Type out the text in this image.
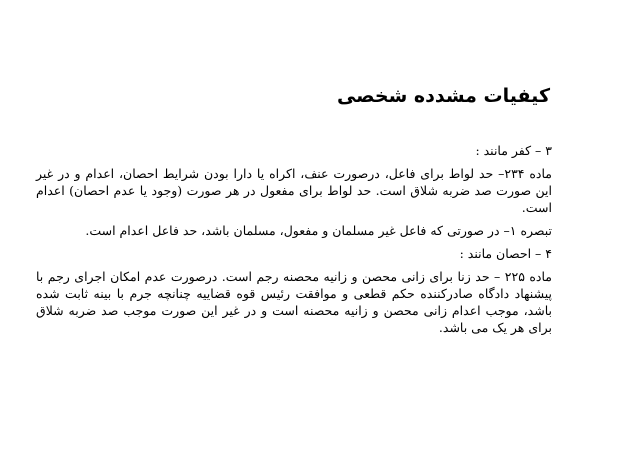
کیفیات مشدده شخصی

۳ – کفر مانند :

ماده ۲۳۴– حد لواط برای فاعل، درصورت عنف، اکراه یا دارا بودن شرایط احصان، اعدام و در غیر این صورت صد ضربه شلاق است. حد لواط برای مفعول در هر صورت (وجود یا عدم احصان) اعدام است.

تبصره ۱– در صورتی که فاعل غیر مسلمان و مفعول، مسلمان باشد، حد فاعل اعدام است.

۴ – احصان مانند :

ماده ۲۲۵ – حد زنا برای زانی محصن و زانیه محصنه رجم است. درصورت عدم امکان اجرای رجم با پیشنهاد دادگاه صادرکننده حکم قطعی و موافقت رئیس قوه قضاییه چنانچه جرم با بینه ثابت شده باشد، موجب اعدام زانی محصن و زانیه محصنه است و در غیر این صورت موجب صد ضربه شلاق برای هر یک می باشد.
